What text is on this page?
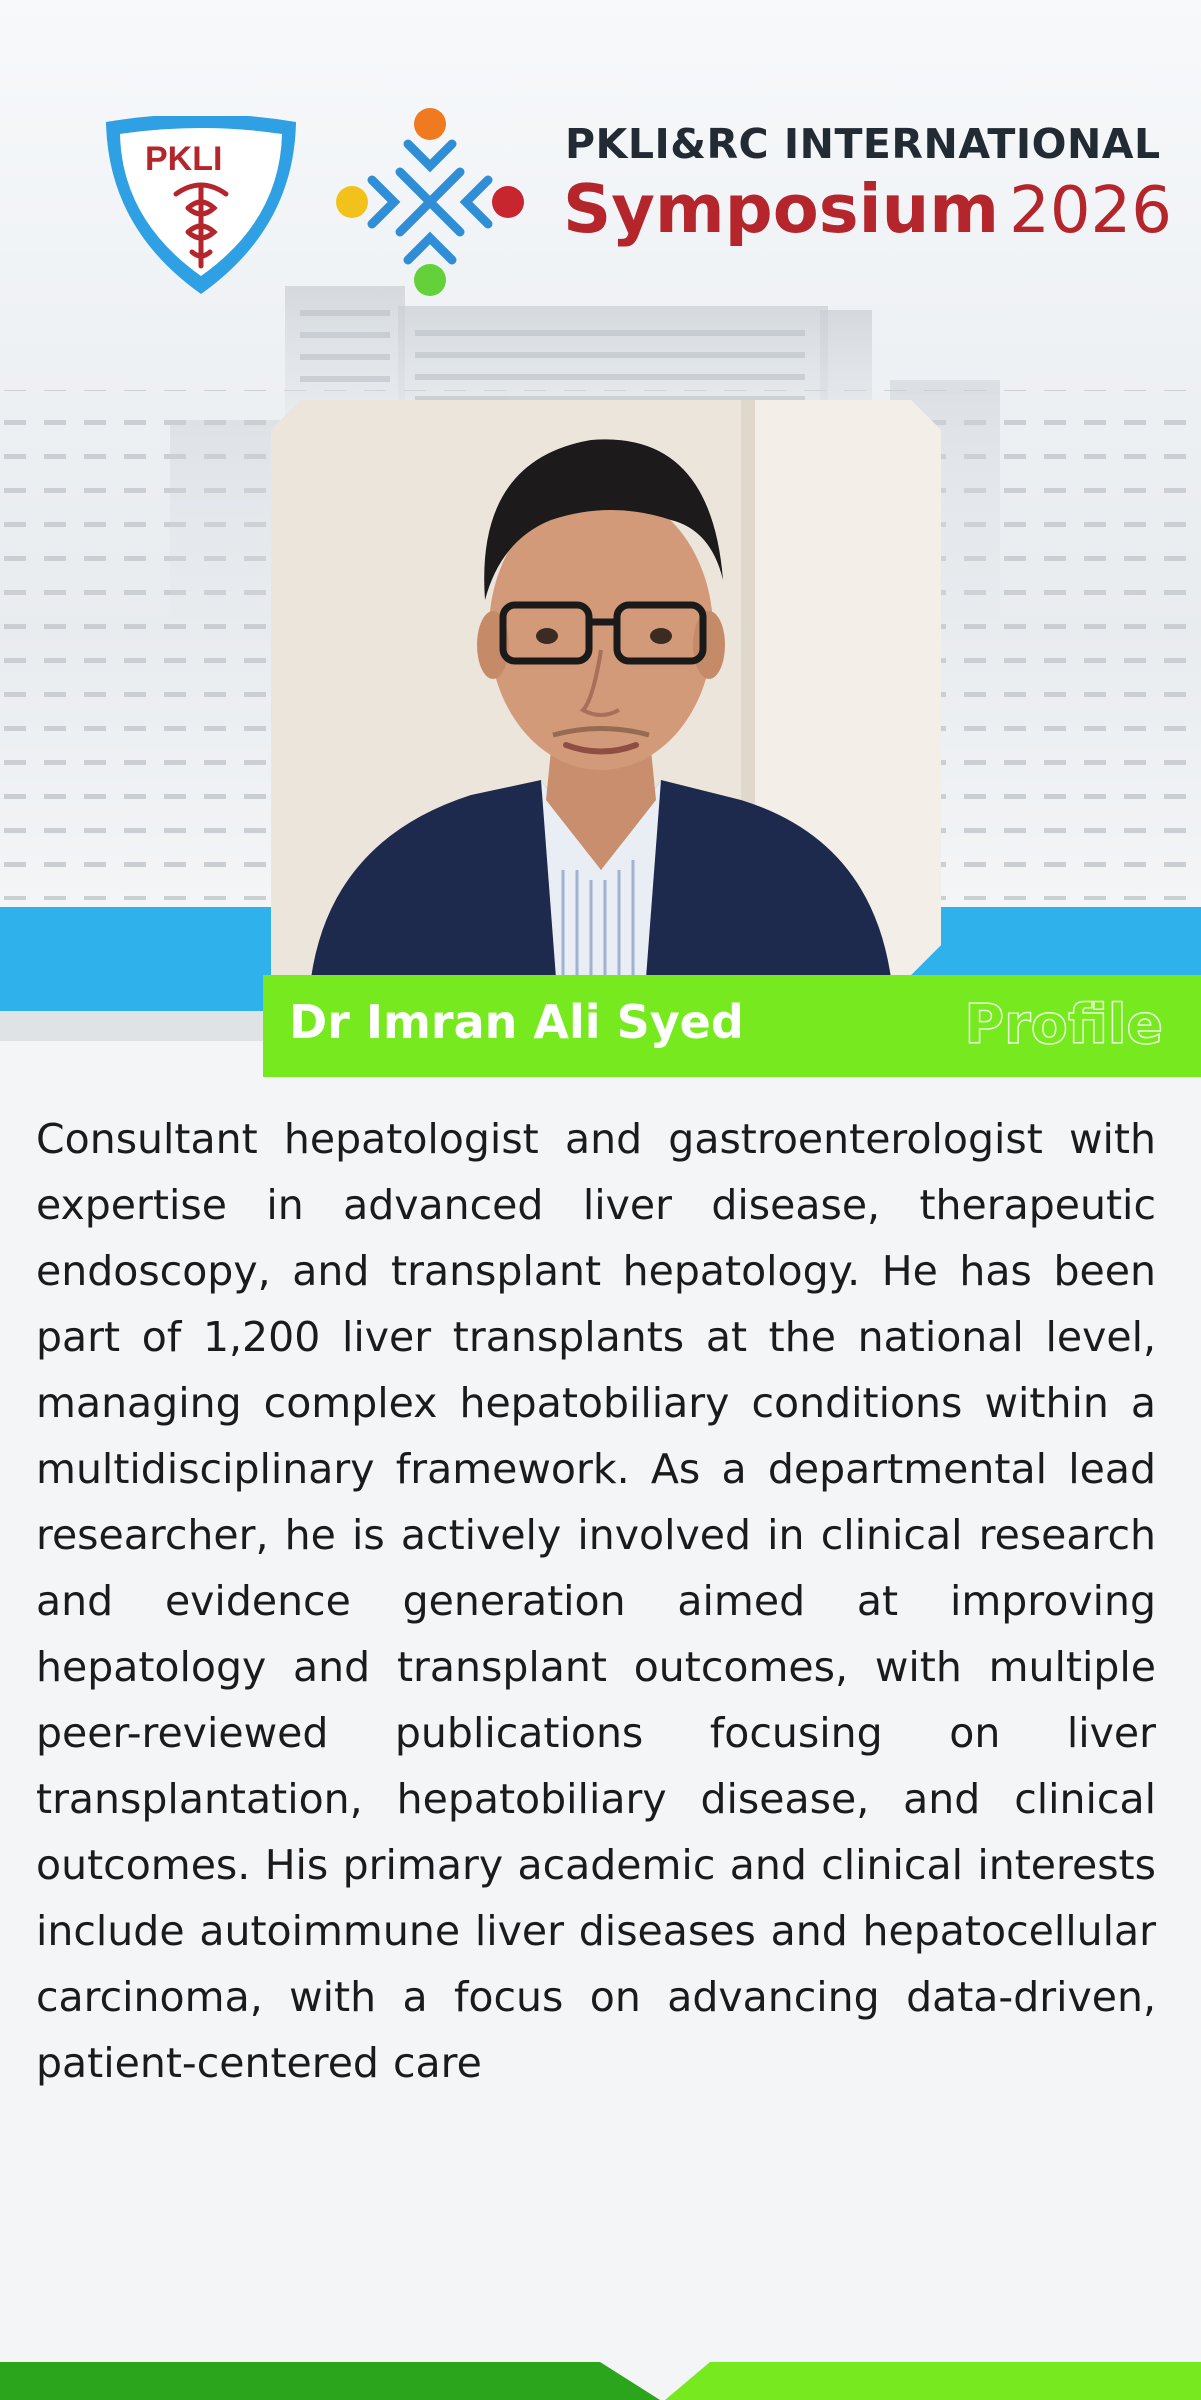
PKLI	PKLI&RC INTERNATIONAL
Symposium 2026
Dr Imran Ali Syed	Profile

Consultant hepatologist and gastroenterologist with expertise in advanced liver disease, therapeutic endoscopy, and transplant hepatology. He has been part of 1,200 liver transplants at the national level, managing complex hepatobiliary conditions within a multidisciplinary framework. As a departmental lead researcher, he is actively involved in clinical research and evidence generation aimed at improving hepatology and transplant outcomes, with multiple peer-reviewed publications focusing on liver transplantation, hepatobiliary disease, and clinical outcomes. His primary academic and clinical interests include autoimmune liver diseases and hepatocellular carcinoma, with a focus on advancing data-driven, patient-centered care
